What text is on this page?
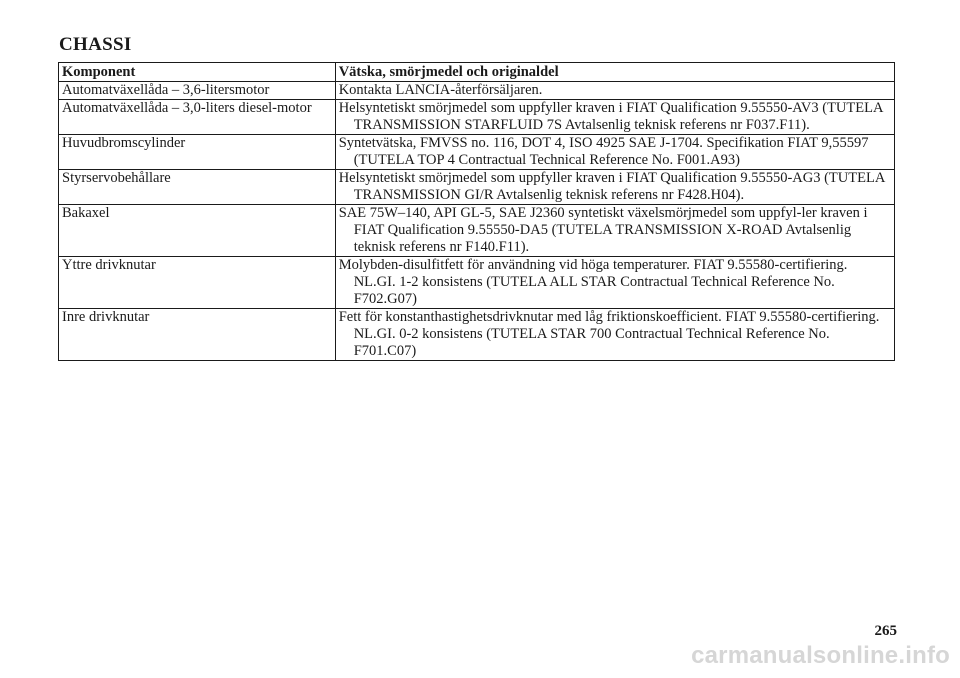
CHASSI
Komponent	Vätska, smörjmedel och originaldel
Automatväxellåda – 3,6-litersmotor	Kontakta LANCIA-återförsäljaren.
Automatväxellåda – 3,0-liters diesel-motor	Helsyntetiskt smörjmedel som uppfyller kraven i FIAT Qualification 9.55550-AV3 (TUTELA TRANSMISSION STARFLUID 7S Avtalsenlig teknisk referens nr F037.F11).
Huvudbromscylinder	Syntetvätska, FMVSS no. 116, DOT 4, ISO 4925 SAE J-1704. Specifikation FIAT 9,55597 (TUTELA TOP 4 Contractual Technical Reference No. F001.A93)
Styrservobehållare	Helsyntetiskt smörjmedel som uppfyller kraven i FIAT Qualification 9.55550-AG3 (TUTELA TRANSMISSION GI/R Avtalsenlig teknisk referens nr F428.H04).
Bakaxel	SAE 75W–140, API GL-5, SAE J2360 syntetiskt växelsmörjmedel som uppfyl-ler kraven i FIAT Qualification 9.55550-DA5 (TUTELA TRANSMISSION X-ROAD Avtalsenlig teknisk referens nr F140.F11).
Yttre drivknutar	Molybden-disulfitfett för användning vid höga temperaturer. FIAT 9.55580-certifiering. NL.GI. 1-2 konsistens (TUTELA ALL STAR Contractual Technical Reference No. F702.G07)
Inre drivknutar	Fett för konstanthastighetsdrivknutar med låg friktionskoefficient. FIAT 9.55580-certifiering. NL.GI. 0-2 konsistens (TUTELA STAR 700 Contractual Technical Reference No. F701.C07)
265
carmanualsonline.info
